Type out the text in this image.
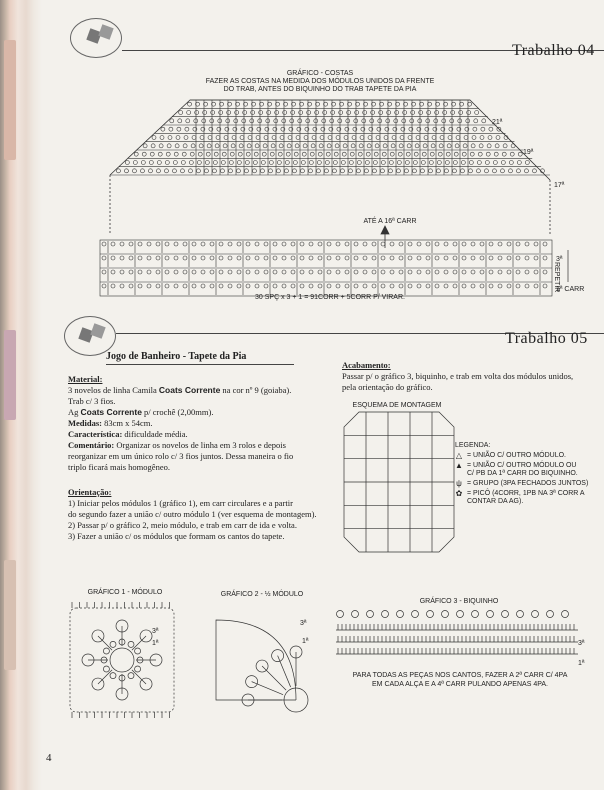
Trabalho 04
GRÁFICO - COSTAS
FAZER AS COSTAS NA MEDIDA DOS MÓDULOS UNIDOS DA FRENTE
DO TRAB, ANTES DO BIQUINHO DO TRAB TAPETE DA PIA
21ª
19ª
17ª
ATÉ A 16ª CARR
3ª
1ª CARR
REPETIR
30 SPÇ x 3 + 1 = 91CORR + 5CORR P/ VIRAR.
Trabalho 05
Jogo de Banheiro - Tapete da Pia
Material:
3 novelos de linha Camila Coats Corrente na cor nº 9 (goiaba).
Trab c/ 3 fios.
Ag Coats Corrente p/ crochê (2,00mm).
Medidas: 83cm x 54cm.
Característica: dificuldade média.
Comentário: Organizar os novelos de linha em 3 rolos e depois
reorganizar em um único rolo c/ 3 fios juntos. Dessa maneira o fio
triplo ficará mais homogêneo.
Orientação:
1) Iniciar pelos módulos 1 (gráfico 1), em carr circulares e a partir
do segundo fazer a união c/ outro módulo 1 (ver esquema de montagem).
2) Passar p/ o gráfico 2, meio módulo, e trab em carr de ida e volta.
3) Fazer a união c/ os módulos que formam os cantos do tapete.
Acabamento:
Passar p/ o gráfico 3, biquinho, e trab em volta dos módulos unidos,
pela orientação do gráfico.
ESQUEMA DE MONTAGEM
LEGENDA:
△ = UNIÃO C/ OUTRO MÓDULO.
▲ = UNIÃO C/ OUTRO MÓDULO OU
C/ PB DA 1ª CARR DO BIQUINHO.
ψ = GRUPO (3PA FECHADOS JUNTOS)
✿ = PICÔ (4CORR, 1PB NA 3ª CORR A
CONTAR DA AG).
GRÁFICO 1 - MÓDULO
3ª
1ª
GRÁFICO 2 - ½ MÓDULO
3ª
1ª
GRÁFICO 3 - BIQUINHO
3ª
1ª
PARA TODAS AS PEÇAS NOS CANTOS, FAZER A 2ª CARR C/ 4PA
EM CADA ALÇA E A 4ª CARR PULANDO APENAS 4PA.
4
